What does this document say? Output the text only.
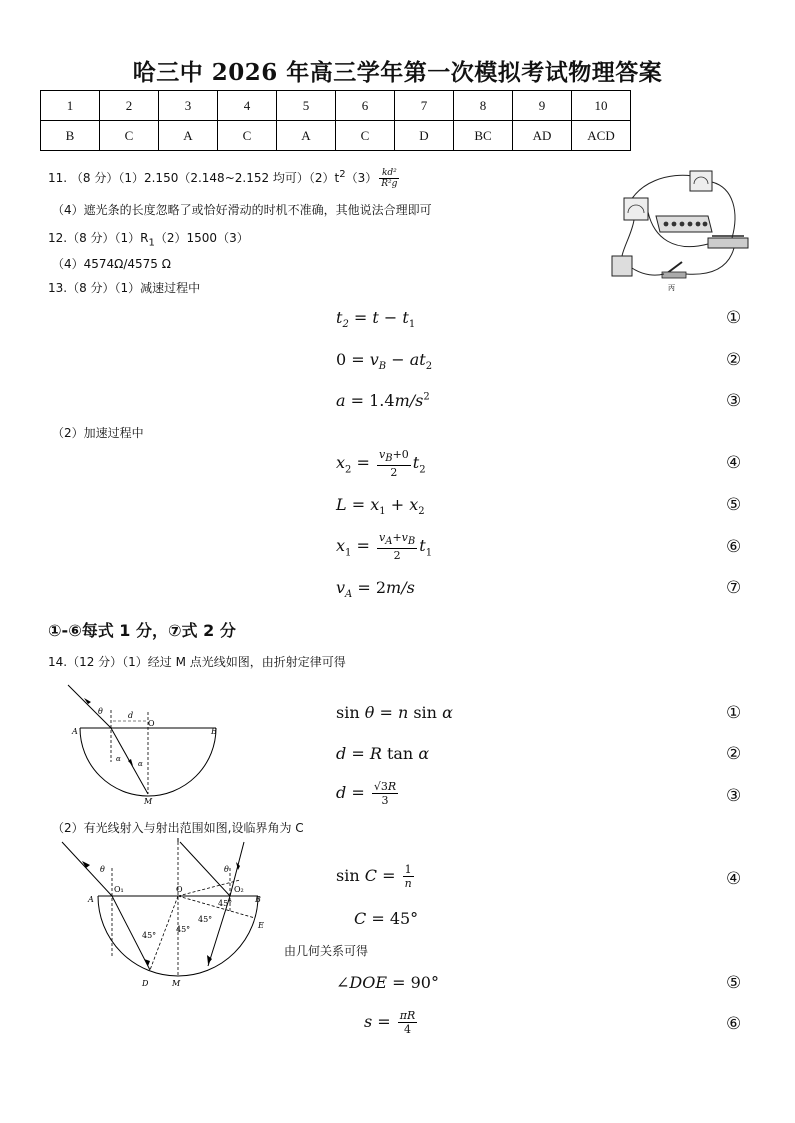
哈三中 2026 年高三学年第一次模拟考试物理答案
1	2	3	4	5	6	7	8	9	10
B	C	A	C	A	C	D	BC	AD	ACD
11. （8 分）（1）2.150（2.148~2.152 均可）$(2)t^2(3) \frac{\text{kd²}}{\text{R²g}}$
（4）遮光条的长度忽略了或恰好滑动的时机不准确，其他说法合理即可
丙
12.（8 分）$(1)R_1(2)1500(3)$
（4）4574Ω/4575 Ω
13.（8 分）（1）减速过程中
$t_2 = t - t_1$	①
$0 = v_B - at_2$	②
$a = 1.4m/s^2$	③
（2）加速过程中
$x_2 = \frac{v_B+0}{2} t_2$	④
$L = x_1 + x_2$	⑤
$x_1 = \frac{v_A+v_B}{2} t_1$	⑥
$v_A = 2m/s$	⑦
①-⑥每式 1 分，⑦式 2 分
14.（12 分）（1）经过 M 点光线如图，由折射定律可得
θ	d
O
A	B
α
α
M
sin θ = n sin α	①
d = R tan α	②
$d = \frac{√3R}{3}$	③
（2）有光线射入与射出范围如图,设临界角为 C
θ
O₁	O
θ
O₂
A	B
E
D	M
45°
45°
45°
45°
$\sin C = \frac{1}{n}$	④
C = 45°
由几何关系可得
∠DOE = 90°	⑤
$s = \frac{\pi R}{4}$	⑥
